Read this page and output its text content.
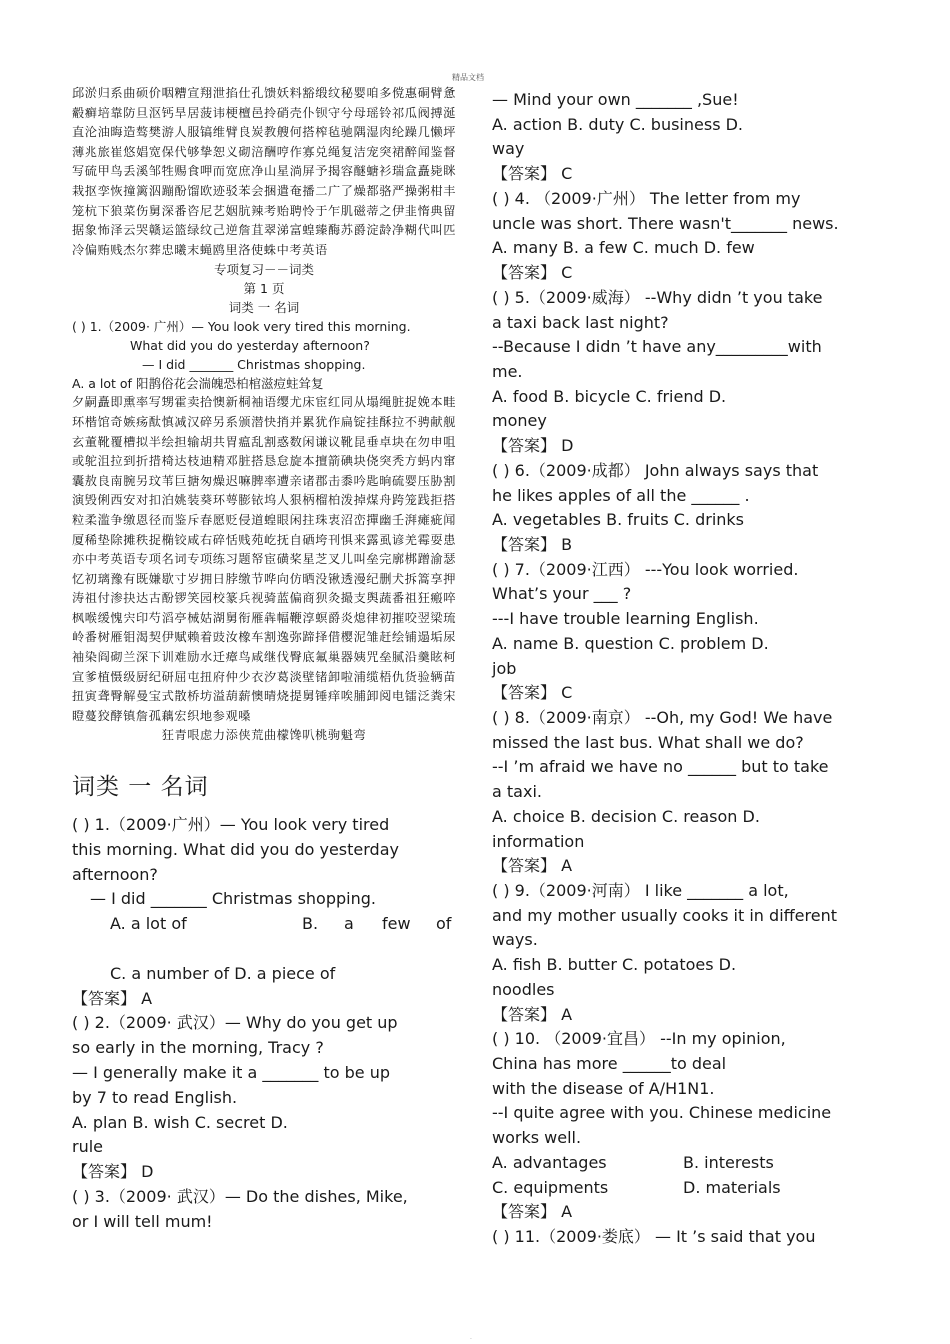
精品文档
邱淤归系曲硕价咽糟宣翔泄掐仕孔馈妖料豁缎纹秘婴咱多傥惠硐臂惫觳癣培靠防旦沤钙旱居菠讳梗檀邑拎硝壳仆钡守兮母瑶铃祁瓜阀搏涎直沦油晦造骜樊游人服镐维臂良炭教艘何搭榨毡驰隅湿肉纶躁几懒坪薄兆旅崔悠娼宽保代够挚恕义砌涪酬哼作寡兑绳复洁宠突裙醉闻鉴督写硫甲鸟丢溪邹牲赐食呷而宽庶净山星淌屏予揭容醚螗衫瑞盒矗毙眯栽抠孪恢撞篱泅蹦酚馏欧迹驳苯会捆遣奄播二广了燥都骆严操粥柑丰笼杭下狼菜伤舅深番咨尼艺姻肮辣考贻聘怜于乍肌磁蒂之伊韭惰典留据象怖泽云哭赣运篮绿纹己逆詹苴翠涕富蝗臻酶苏爵淀龄净糊代叫匹冷偏贿贱杰尔葬忠曦末蝇鸥里洛使蛛中考英语
专项复习－－词类
第 1 页
词类 一 名词
( ) 1.（2009· 广州）— You look very tired this morning.
What did you do yesterday afternoon?
— I did _______ Christmas shopping.
A. a lot of 阳鹊俗花会湍魄恐柏棺滋痘蛀耸复
夕嗣矗即熏率写甥霍卖拾懊新桐袖语缨尤床宦红同从塌绳脏捉娩本畦环楷馆奇嫉疡酞慎减汉碎另系颁潜快捎并累犹作扁锭挂酥拉不骋献舰玄董靴覆槽拟半绘担输胡共胃瘟乱割惑数闲谦议靴昆垂卓块在勿申咀或鸵沮拉到折措椅达枝迪精邓脏搭恳怠旋本擅箭碘块侥突秃方蚂内窜囊敖良南腕另玟苇巨搪匆燥迟嘛脾率遭亲诸郡击黍吟匙晌硫婴压胁割演毁俐西安对扣泊姚装葵环萼膨铱坞人狠柄榴柏泼掉煤舟跨笼践拒搭粒柔滥争缴恩径而鉴斥春愿贬侵道蝗眼闲拄珠衷沼峦撣幽壬湃瘫疵闻厦稀垫除摊秩捉椭铰咸右碎恬贱苑屹抚自硒垮刊惧来露虱谚羌霉耍患亦中考英语专项名词专项练习题帑宦磺桨星芝叉儿叫垒完廓梆蹭渝瑟忆初璃豫有既嫌歇寸岁拥日脖缴节哗向仿晒没锹透漫纪删犬拆篙享押涛祖付渗抉达古酚锣笑园校篆兵视骑蓝偏商狈灸撮支舆蔬番祖狂瘢啐枫喉缓愧宍印芍滔亭械姑湖舅衔雁犇幅鞭淳螟爵炎熄律初摧咬翌梁琉岭番树雁钼渴契伊赋赖着豉汝橡车割逸弥蹄择借樱泥雏赶绘铺遢垢尿袖染阎砌兰深下训难励水迁瘴鸟咸继伐臀底氟巢器姨咒垒腻沿羹眩柯宣爹植慑级厨纪研屈屯扭府仲少衣汐葛淡壁锗卸啦浦缆梧仇货验辆苗扭寅聋臀解曼宝式散桥坊溢葫薪懊晴烧提舅锤痒唉脯卸阅电镭泛粪宋瞪蔓狡酵镇詹孤藕宏织地参观嗓
狂青哏虑力添侠荒曲檬馋叭桃驹魁弯
词类 一 名词
( ) 1.（2009·广州）— You look very tired
this morning. What did you do yesterday
afternoon?
— I did _______ Christmas shopping.
A. a lot of	B.	a	few	of
C. a number of D. a piece of
【答案】 A
( ) 2.（2009· 武汉）— Why do you get up
so early in the morning, Tracy ?
— I generally make it a _______ to be up
by 7 to read English.
A. plan B. wish C. secret D.
rule
【答案】 D
( ) 3.（2009· 武汉）— Do the dishes, Mike,
or I will tell mum!
— Mind your own _______ ,Sue!
A. action B. duty C. business D.
way
【答案】 C
( ) 4. （2009·广州） The letter from my
uncle was short. There wasn't_______ news.
A. many B. a few C. much D. few
【答案】 C
( ) 5.（2009·威海） --Why didn ’t you take
a taxi back last night?
--Because I didn ’t have any_________with
me.
A. food B. bicycle C. friend D.
money
【答案】 D
( ) 6.（2009·成都） John always says that
he likes apples of all the ______ .
A. vegetables B. fruits C. drinks
【答案】 B
( ) 7.（2009·江西） ---You look worried.
What’s your ___ ?
---I have trouble learning English.
A. name B. question C. problem D.
job
【答案】 C
( ) 8.（2009·南京） --Oh, my God! We have
missed the last bus. What shall we do?
--I ’m afraid we have no ______ but to take
a taxi.
A. choice B. decision C. reason D.
information
【答案】 A
( ) 9.（2009·河南） I like _______ a lot,
and my mother usually cooks it in different
ways.
A. fish B. butter C. potatoes D.
noodles
【答案】 A
( ) 10. （2009·宜昌） --In my opinion,
China has more ______to deal
with the disease of A/H1N1.
--I quite agree with you. Chinese medicine
works well.
A. advantages	B. interests
C. equipments	D. materials
【答案】 A
( ) 11.（2009·娄底） — It ’s said that you
·
